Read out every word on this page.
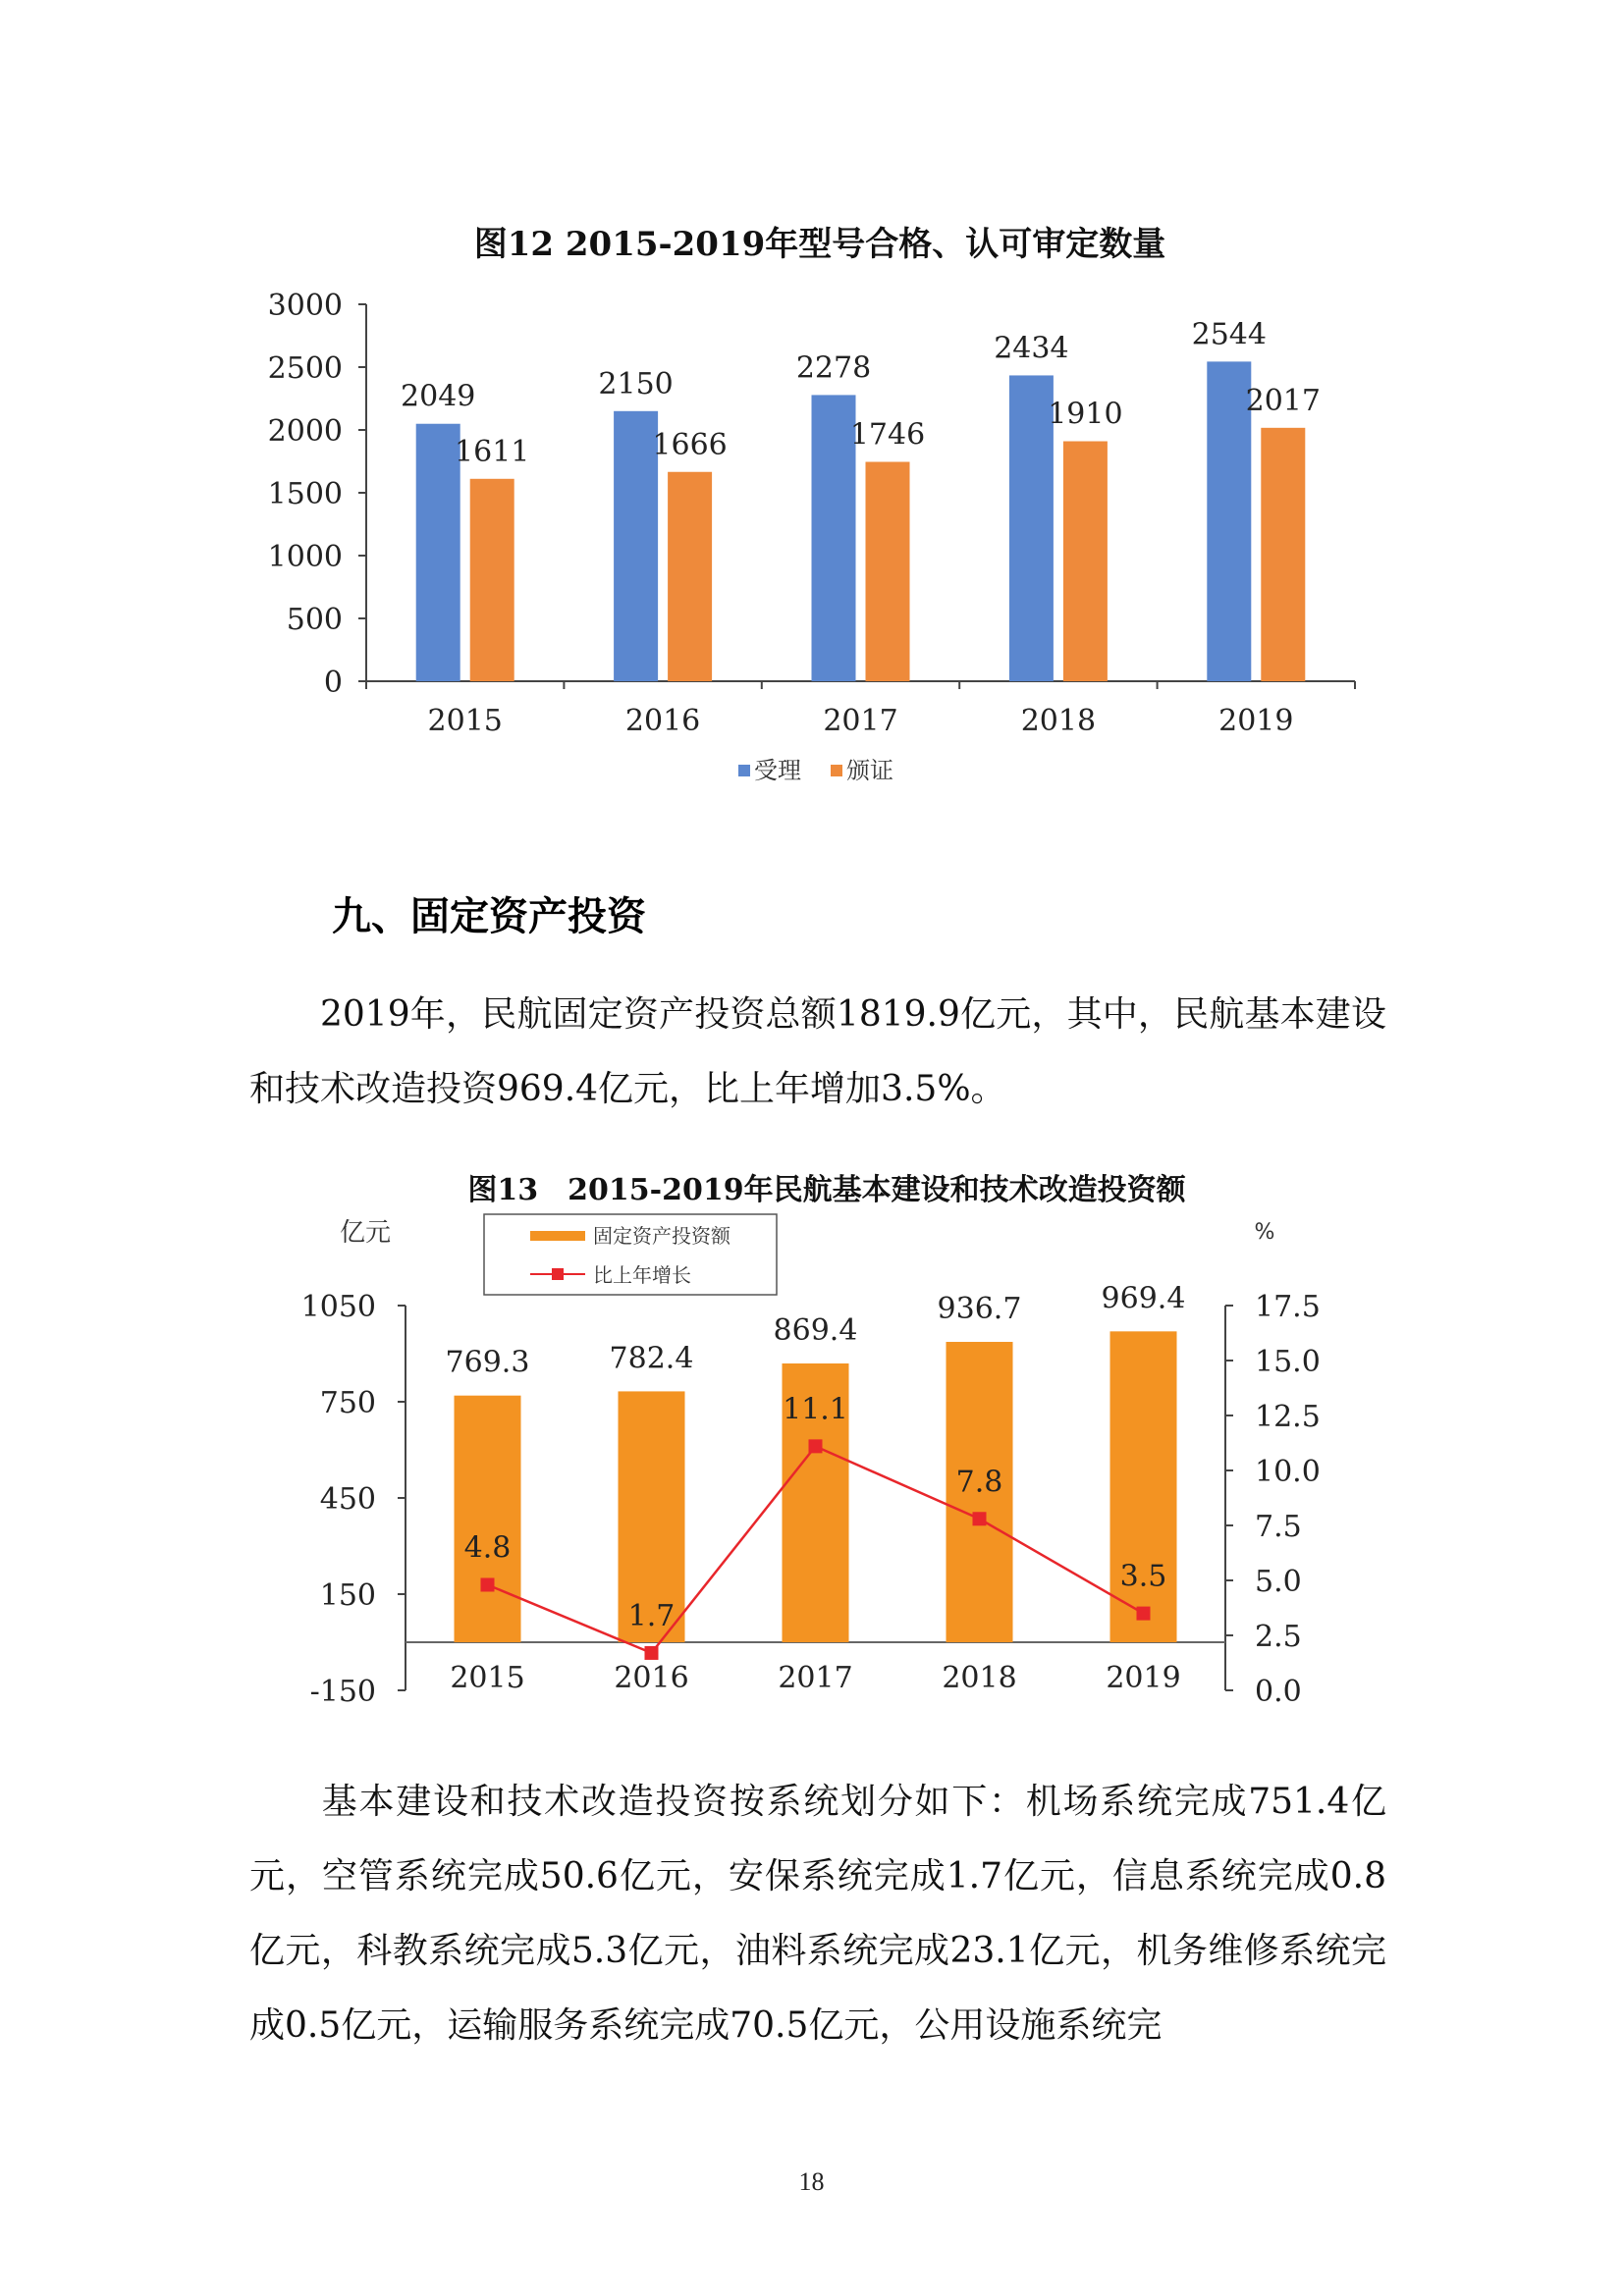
图12 2015-2019年型号合格、认可审定数量
3000
2500
2000
1500
1000
500
0
2015
2049
1611
2016
2150
1666
2017
2278
1746
2018
2434
1910
2019
2544
2017
受理 颁证
九、固定资产投资

2019年，民航固定资产投资总额1819.9亿元，其中，民航基本建设和技术改造投资969.4亿元，比上年增加3.5%。

图13　2015-2019年民航基本建设和技术改造投资额
亿元	%
1050
750
450
150
-150
17.5
15.0
12.5
10.0
7.5
5.0
2.5
0.0
769.3
2015
782.4
2016
869.4
2017
936.7
2018
969.4
2019
4.8
1.7
11.1
7.8
3.5
固定资产投资额
比上年增长

基本建设和技术改造投资按系统划分如下：机场系统完成751.4亿元，空管系统完成50.6亿元，安保系统完成1.7亿元，信息系统完成0.8亿元，科教系统完成5.3亿元，油料系统完成23.1亿元，机务维修系统完成0.5亿元，运输服务系统完成70.5亿元，公用设施系统完

18
